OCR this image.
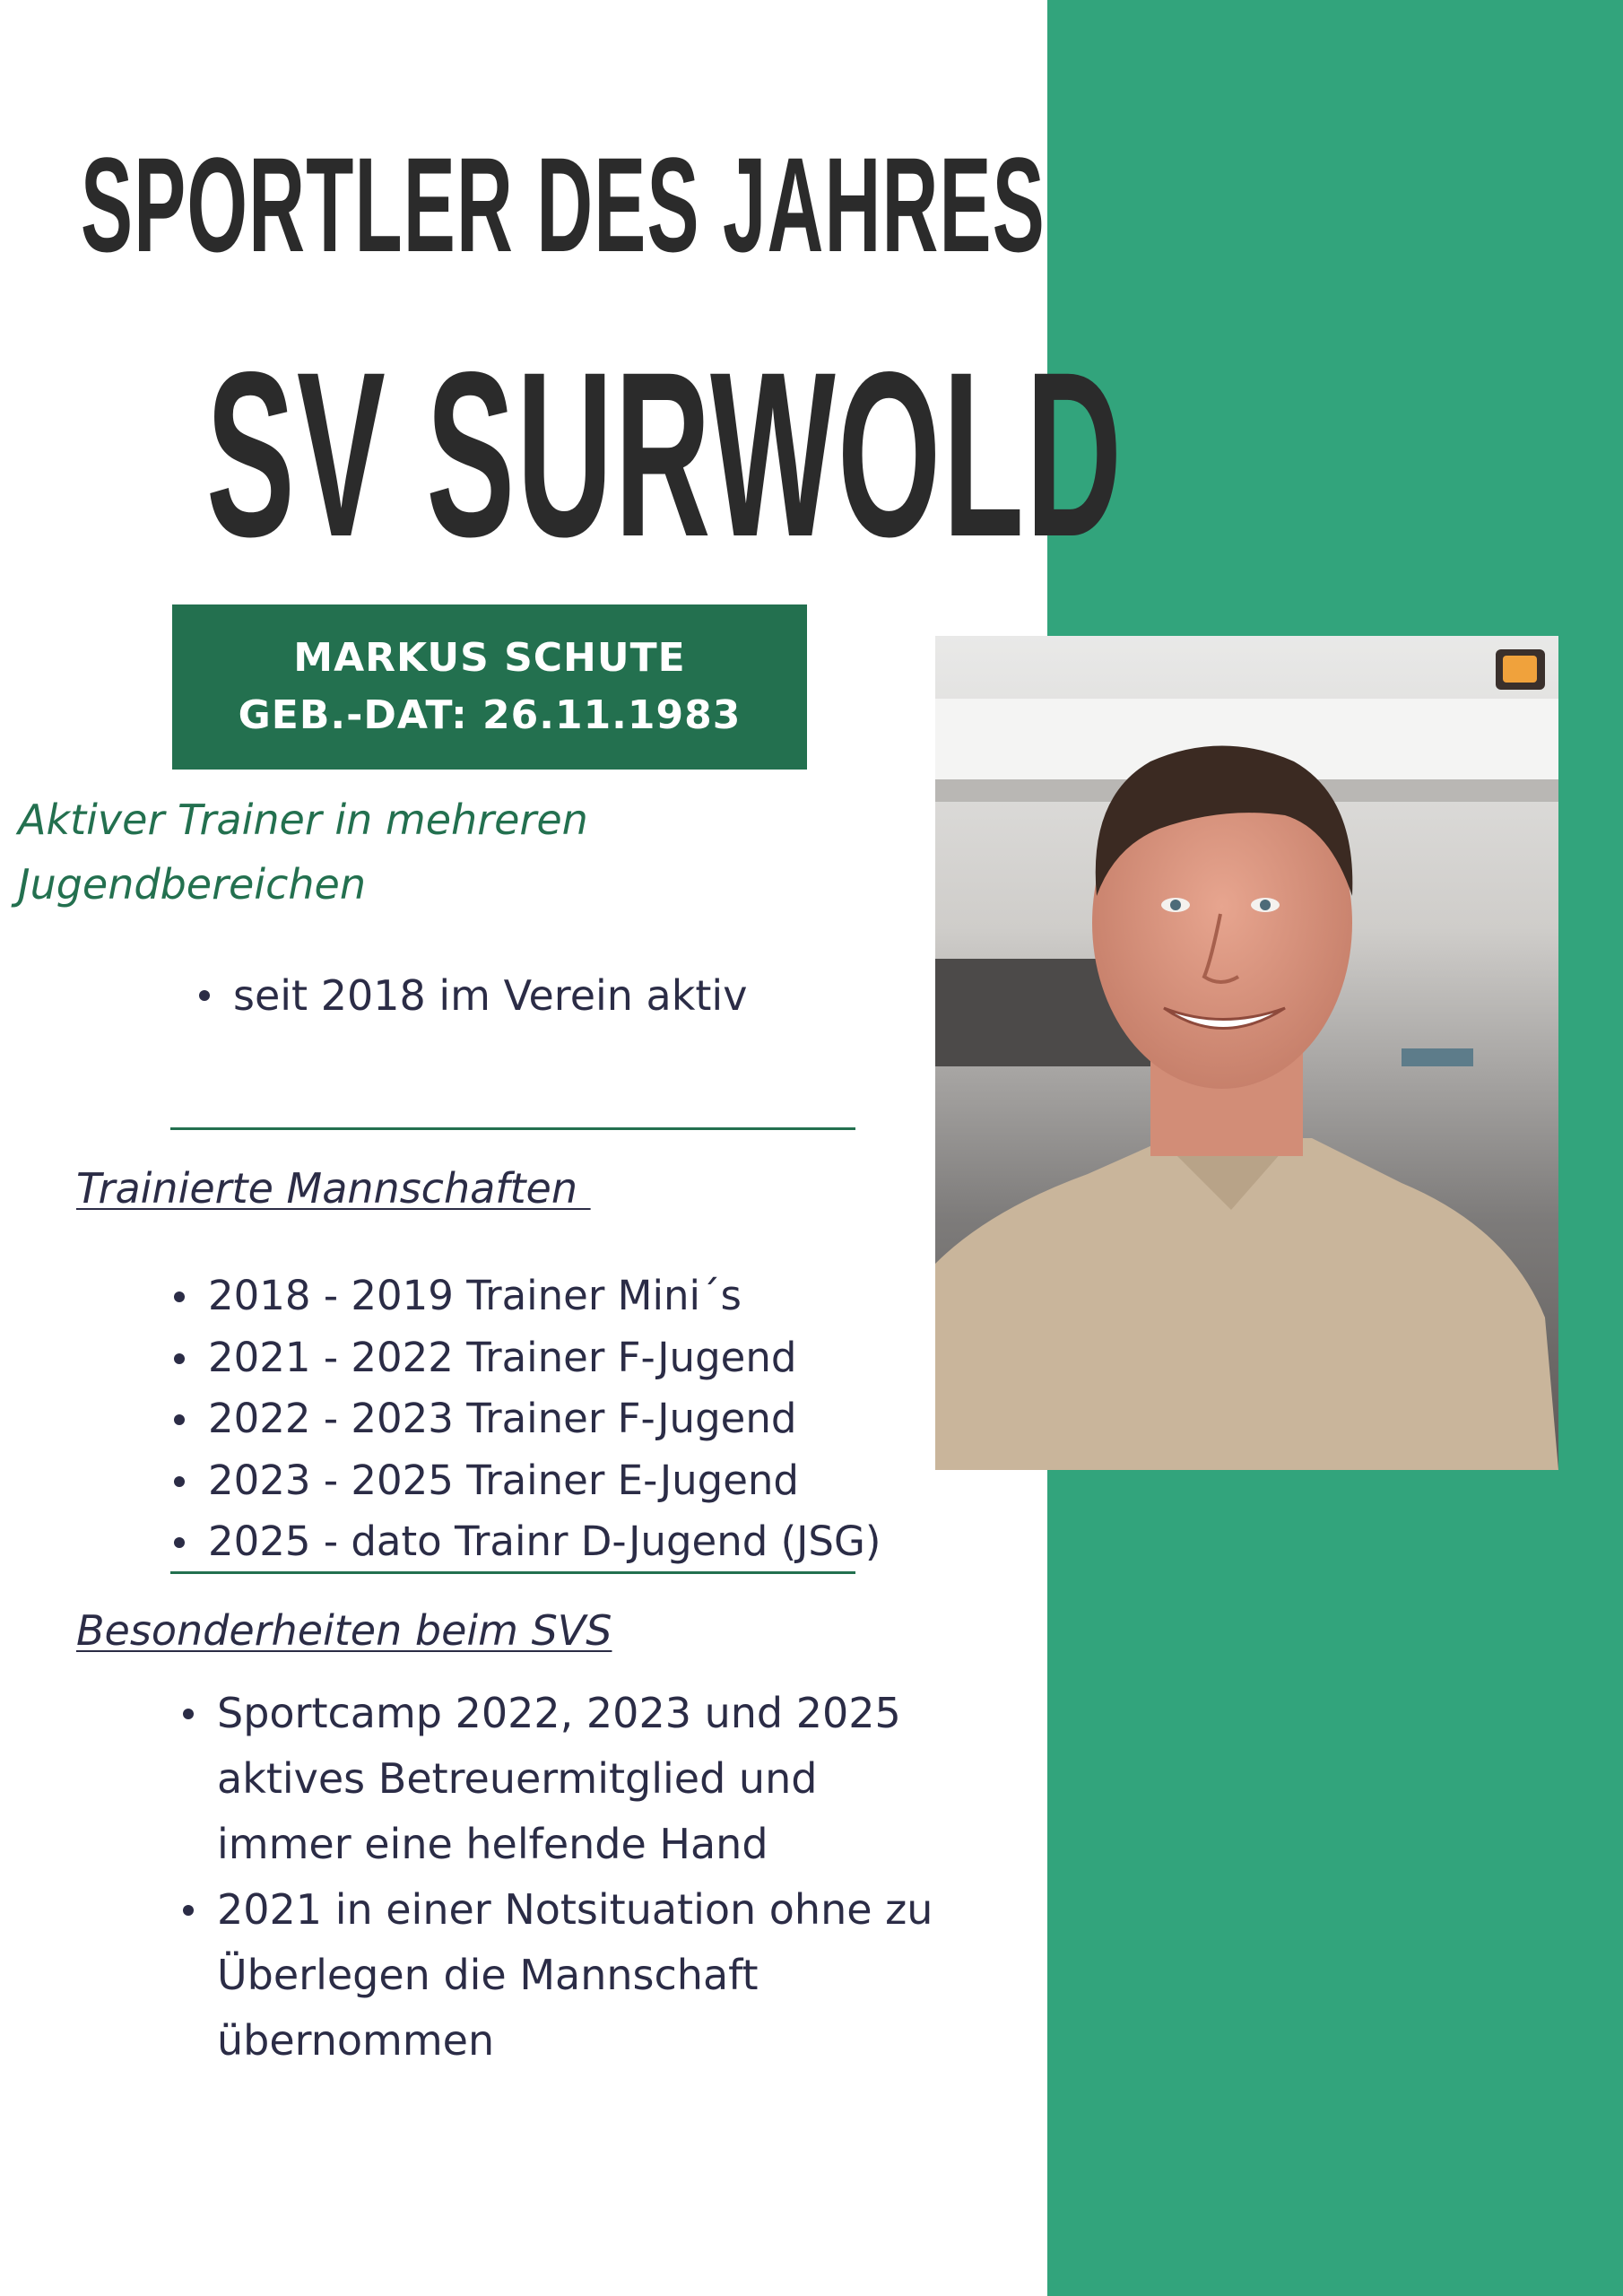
SPORTLER DES JAHRES
SV SURWOLD
MARKUS SCHUTE
GEB.-DAT: 26.11.1983
Aktiver Trainer in mehreren Jugendbereichen
seit 2018 im Verein aktiv
Trainierte Mannschaften
2018 - 2019 Trainer Mini´s
2021 - 2022 Trainer F-Jugend
2022 - 2023 Trainer F-Jugend
2023 - 2025 Trainer E-Jugend
2025 - dato Trainr D-Jugend (JSG)
Besonderheiten beim SVS
Sportcamp 2022, 2023 und 2025 aktives Betreuermitglied und immer eine helfende Hand
2021 in einer Notsituation ohne zu Überlegen die Mannschaft übernommen
